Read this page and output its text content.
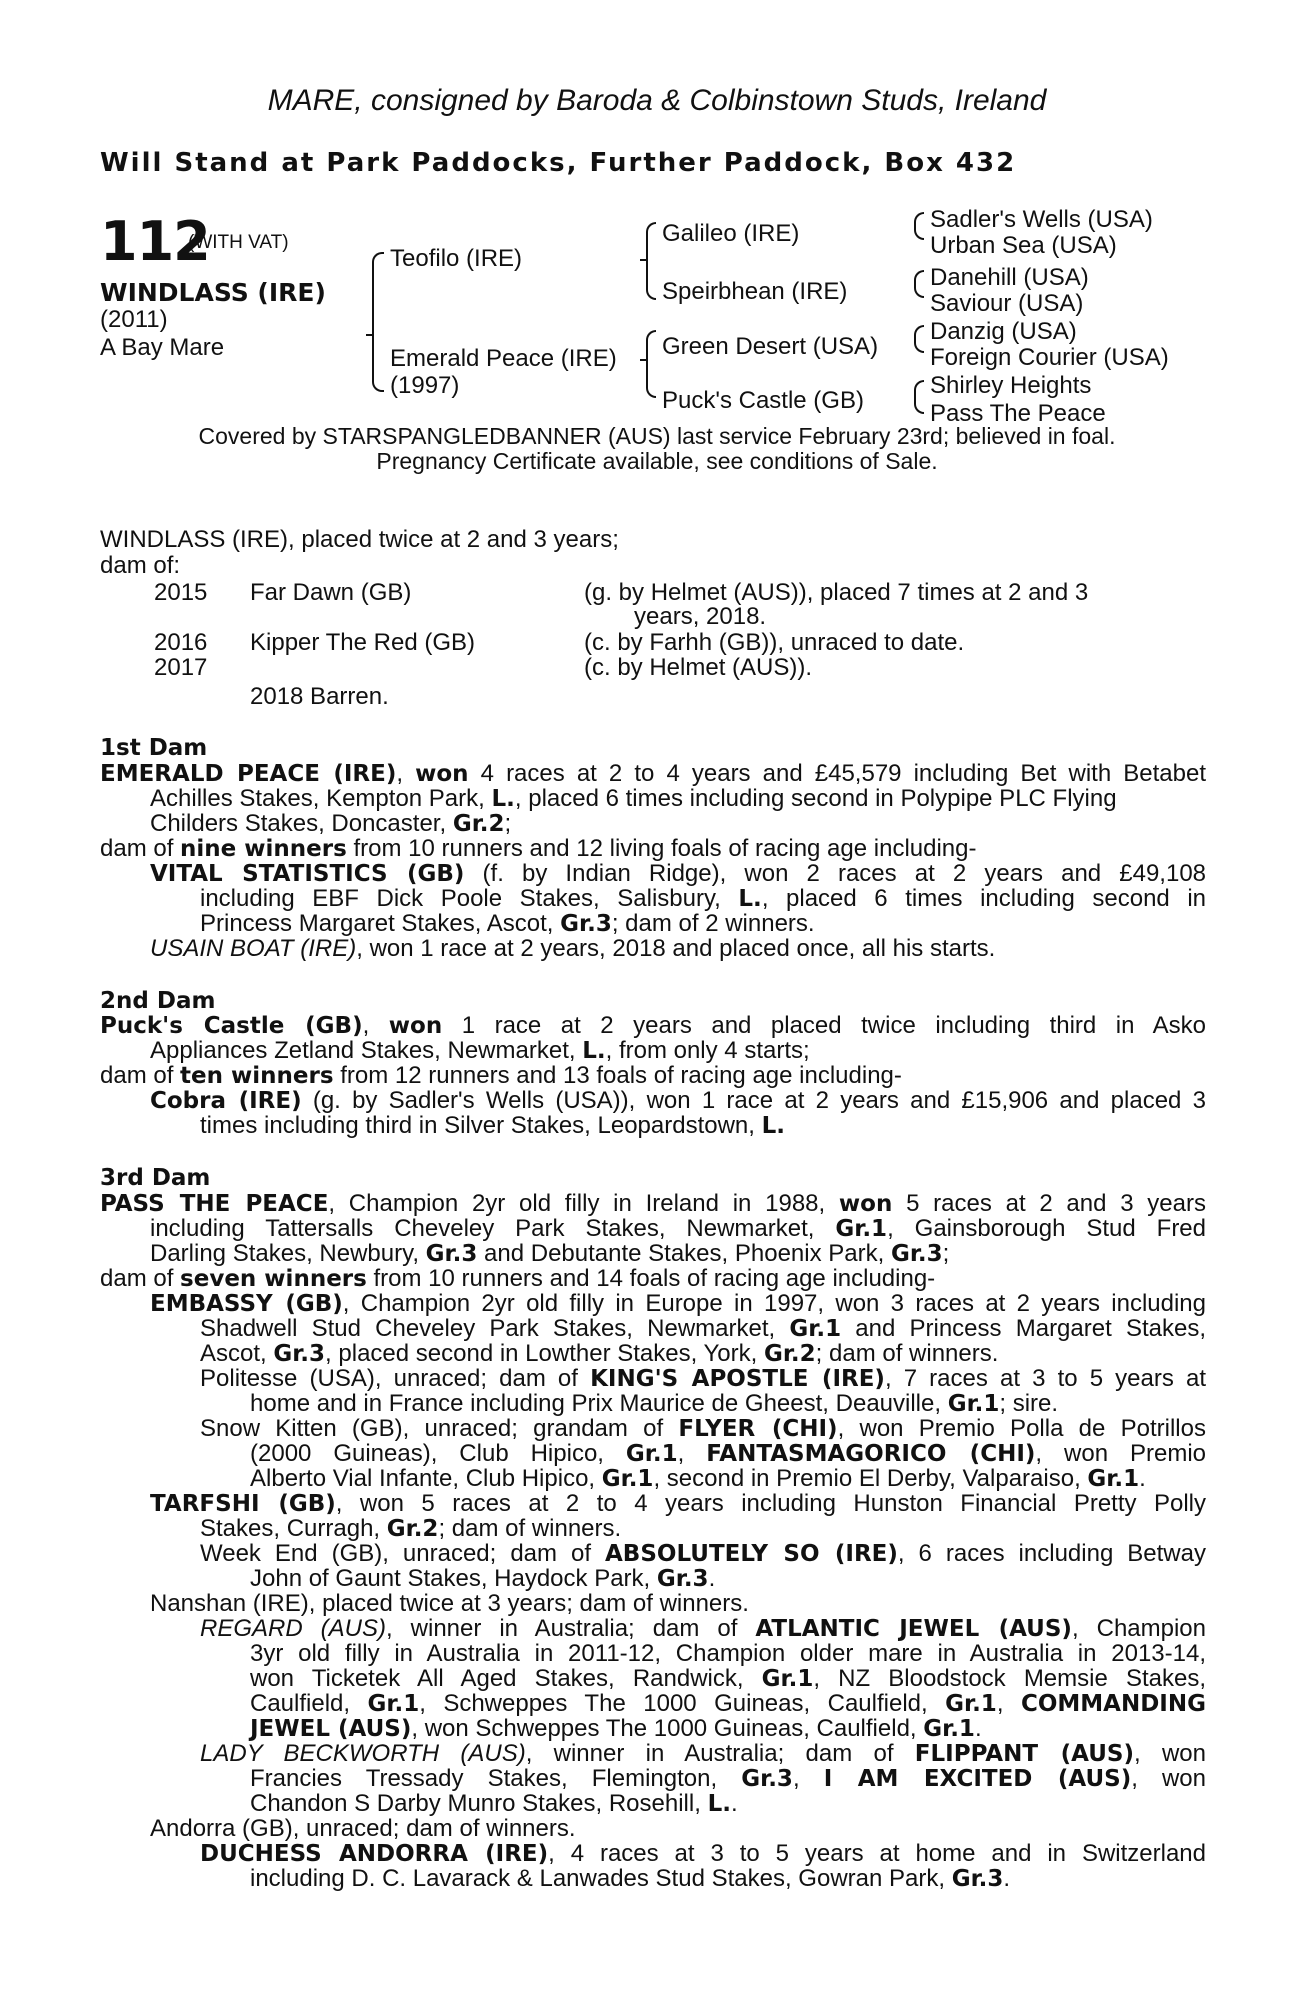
MARE, consigned by Baroda & Colbinstown Studs, Ireland
Will Stand at Park Paddocks, Further Paddock, Box 432
112
(WITH VAT)
WINDLASS (IRE)
(2011)
A Bay Mare
Teofilo (IRE)
Emerald Peace (IRE)
(1997)
Galileo (IRE)
Speirbhean (IRE)
Green Desert (USA)
Puck's Castle (GB)
Sadler's Wells (USA)
Urban Sea (USA)
Danehill (USA)
Saviour (USA)
Danzig (USA)
Foreign Courier (USA)
Shirley Heights
Pass The Peace
Covered by STARSPANGLEDBANNER (AUS) last service February 23rd; believed in foal.
Pregnancy Certificate available, see conditions of Sale.
WINDLASS (IRE), placed twice at 2 and 3 years;
dam of:
2015 Far Dawn (GB)	(g. by Helmet (AUS)), placed 7 times at 2 and 3
years, 2018.
2016 Kipper The Red (GB)	(c. by Farhh (GB)), unraced to date.
2017	(c. by Helmet (AUS)).
2018 Barren.
1st Dam
EMERALD PEACE (IRE), won 4 races at 2 to 4 years and £45,579 including Bet with Betabet
Achilles Stakes, Kempton Park, L., placed 6 times including second in Polypipe PLC Flying
Childers Stakes, Doncaster, Gr.2;
dam of nine winners from 10 runners and 12 living foals of racing age including-
VITAL STATISTICS (GB) (f. by Indian Ridge), won 2 races at 2 years and £49,108
including EBF Dick Poole Stakes, Salisbury, L., placed 6 times including second in
Princess Margaret Stakes, Ascot, Gr.3; dam of 2 winners.
USAIN BOAT (IRE), won 1 race at 2 years, 2018 and placed once, all his starts.
2nd Dam
Puck's Castle (GB), won 1 race at 2 years and placed twice including third in Asko
Appliances Zetland Stakes, Newmarket, L., from only 4 starts;
dam of ten winners from 12 runners and 13 foals of racing age including-
Cobra (IRE) (g. by Sadler's Wells (USA)), won 1 race at 2 years and £15,906 and placed 3
times including third in Silver Stakes, Leopardstown, L.
3rd Dam
PASS THE PEACE, Champion 2yr old filly in Ireland in 1988, won 5 races at 2 and 3 years
including Tattersalls Cheveley Park Stakes, Newmarket, Gr.1, Gainsborough Stud Fred
Darling Stakes, Newbury, Gr.3 and Debutante Stakes, Phoenix Park, Gr.3;
dam of seven winners from 10 runners and 14 foals of racing age including-
EMBASSY (GB), Champion 2yr old filly in Europe in 1997, won 3 races at 2 years including
Shadwell Stud Cheveley Park Stakes, Newmarket, Gr.1 and Princess Margaret Stakes,
Ascot, Gr.3, placed second in Lowther Stakes, York, Gr.2; dam of winners.
Politesse (USA), unraced; dam of KING'S APOSTLE (IRE), 7 races at 3 to 5 years at
home and in France including Prix Maurice de Gheest, Deauville, Gr.1; sire.
Snow Kitten (GB), unraced; grandam of FLYER (CHI), won Premio Polla de Potrillos
(2000 Guineas), Club Hipico, Gr.1, FANTASMAGORICO (CHI), won Premio
Alberto Vial Infante, Club Hipico, Gr.1, second in Premio El Derby, Valparaiso, Gr.1.
TARFSHI (GB), won 5 races at 2 to 4 years including Hunston Financial Pretty Polly
Stakes, Curragh, Gr.2; dam of winners.
Week End (GB), unraced; dam of ABSOLUTELY SO (IRE), 6 races including Betway
John of Gaunt Stakes, Haydock Park, Gr.3.
Nanshan (IRE), placed twice at 3 years; dam of winners.
REGARD (AUS), winner in Australia; dam of ATLANTIC JEWEL (AUS), Champion
3yr old filly in Australia in 2011-12, Champion older mare in Australia in 2013-14,
won Ticketek All Aged Stakes, Randwick, Gr.1, NZ Bloodstock Memsie Stakes,
Caulfield, Gr.1, Schweppes The 1000 Guineas, Caulfield, Gr.1, COMMANDING
JEWEL (AUS), won Schweppes The 1000 Guineas, Caulfield, Gr.1.
LADY BECKWORTH (AUS), winner in Australia; dam of FLIPPANT (AUS), won
Francies Tressady Stakes, Flemington, Gr.3, I AM EXCITED (AUS), won
Chandon S Darby Munro Stakes, Rosehill, L..
Andorra (GB), unraced; dam of winners.
DUCHESS ANDORRA (IRE), 4 races at 3 to 5 years at home and in Switzerland
including D. C. Lavarack & Lanwades Stud Stakes, Gowran Park, Gr.3.
